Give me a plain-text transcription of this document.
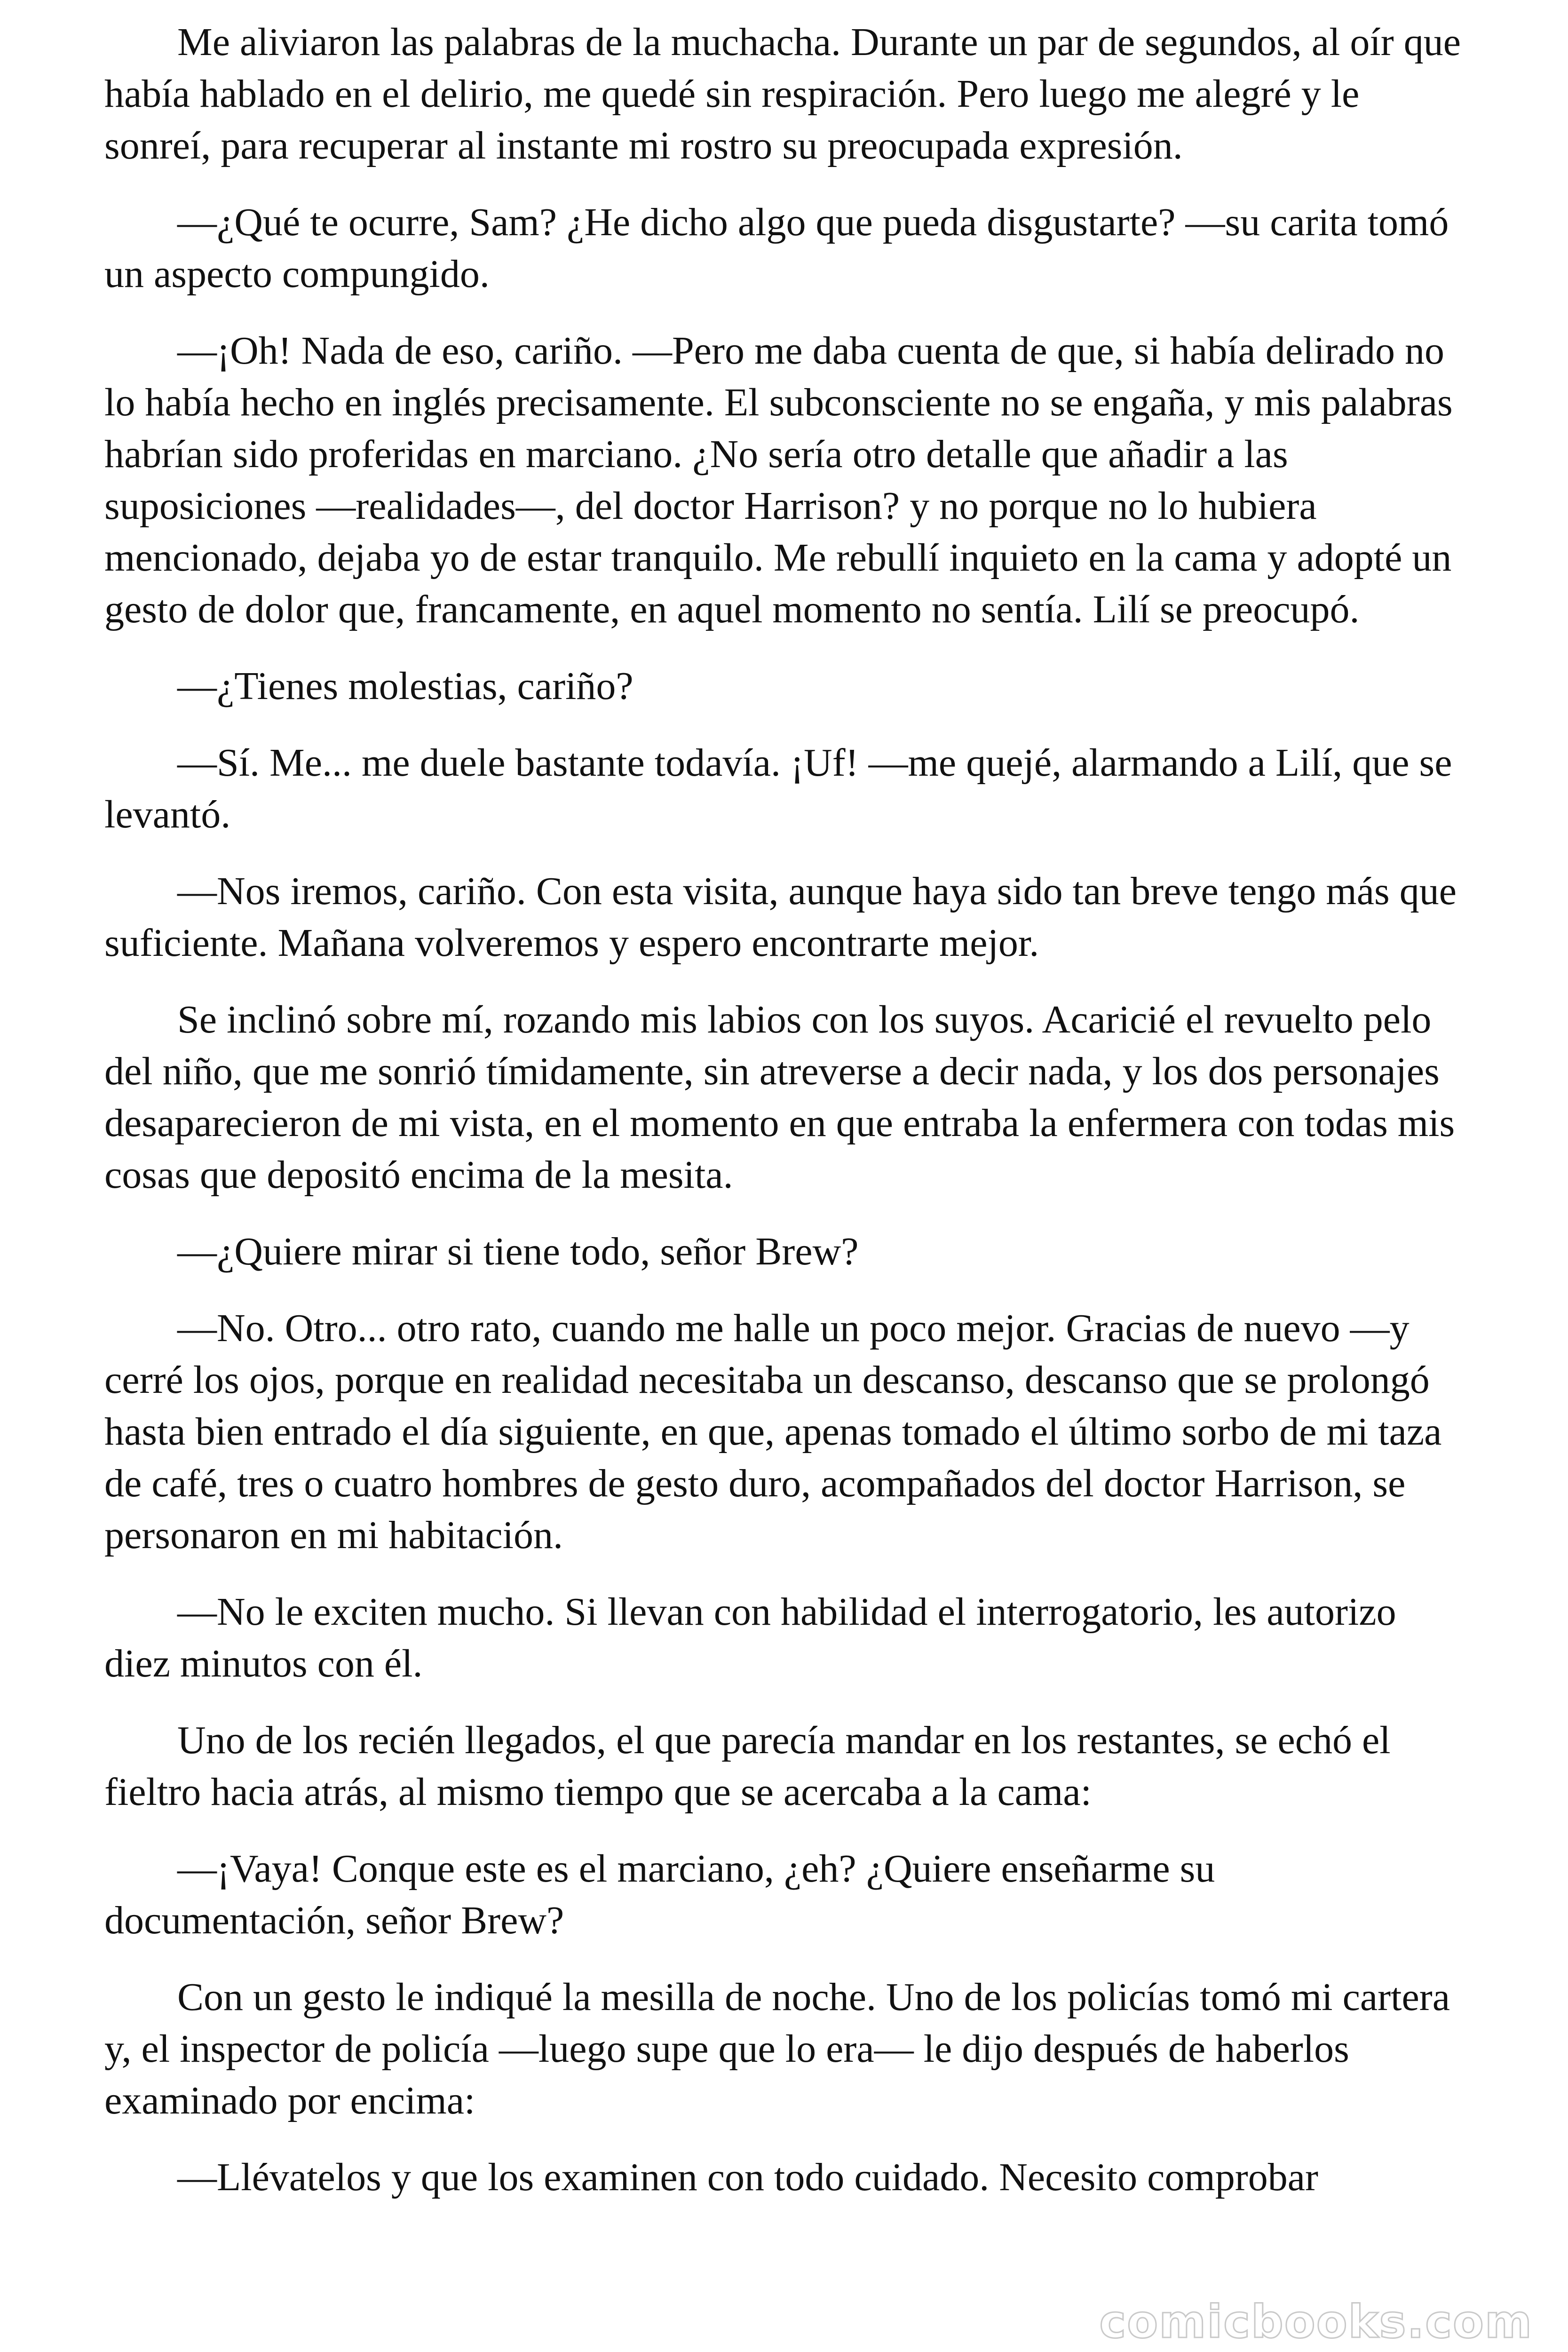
Me aliviaron las palabras de la muchacha. Durante un par de segundos, al oír que había hablado en el delirio, me quedé sin respiración. Pero luego me alegré y le sonreí, para recuperar al instante mi rostro su preocupada expresión.

—¿Qué te ocurre, Sam? ¿He dicho algo que pueda disgustarte? —su carita tomó un aspecto compungido.

—¡Oh! Nada de eso, cariño. —Pero me daba cuenta de que, si había delirado no lo había hecho en inglés precisamente. El subconsciente no se engaña, y mis palabras habrían sido proferidas en marciano. ¿No sería otro detalle que añadir a las suposiciones —realidades—, del doctor Harrison? y no porque no lo hubiera mencionado, dejaba yo de estar tranquilo. Me rebullí inquieto en la cama y adopté un gesto de dolor que, francamente, en aquel momento no sentía. Lilí se preocupó.

—¿Tienes molestias, cariño?

—Sí. Me... me duele bastante todavía. ¡Uf! —me quejé, alarmando a Lilí, que se levantó.

—Nos iremos, cariño. Con esta visita, aunque haya sido tan breve tengo más que suficiente. Mañana volveremos y espero encontrarte mejor.

Se inclinó sobre mí, rozando mis labios con los suyos. Acaricié el revuelto pelo del niño, que me sonrió tímidamente, sin atreverse a decir nada, y los dos personajes desaparecieron de mi vista, en el momento en que entraba la enfermera con todas mis cosas que depositó encima de la mesita.

—¿Quiere mirar si tiene todo, señor Brew?

—No. Otro... otro rato, cuando me halle un poco mejor. Gracias de nuevo —y cerré los ojos, porque en realidad necesitaba un descanso, descanso que se prolongó hasta bien entrado el día siguiente, en que, apenas tomado el último sorbo de mi taza de café, tres o cuatro hombres de gesto duro, acompañados del doctor Harrison, se personaron en mi habitación.

—No le exciten mucho. Si llevan con habilidad el interrogatorio, les autorizo diez minutos con él.

Uno de los recién llegados, el que parecía mandar en los restantes, se echó el fieltro hacia atrás, al mismo tiempo que se acercaba a la cama:

—¡Vaya! Conque este es el marciano, ¿eh? ¿Quiere enseñarme su documentación, señor Brew?

Con un gesto le indiqué la mesilla de noche. Uno de los policías tomó mi cartera y, el inspector de policía —luego supe que lo era— le dijo después de haberlos examinado por encima:

—Llévatelos y que los examinen con todo cuidado. Necesito comprobar

comicbooks.com
